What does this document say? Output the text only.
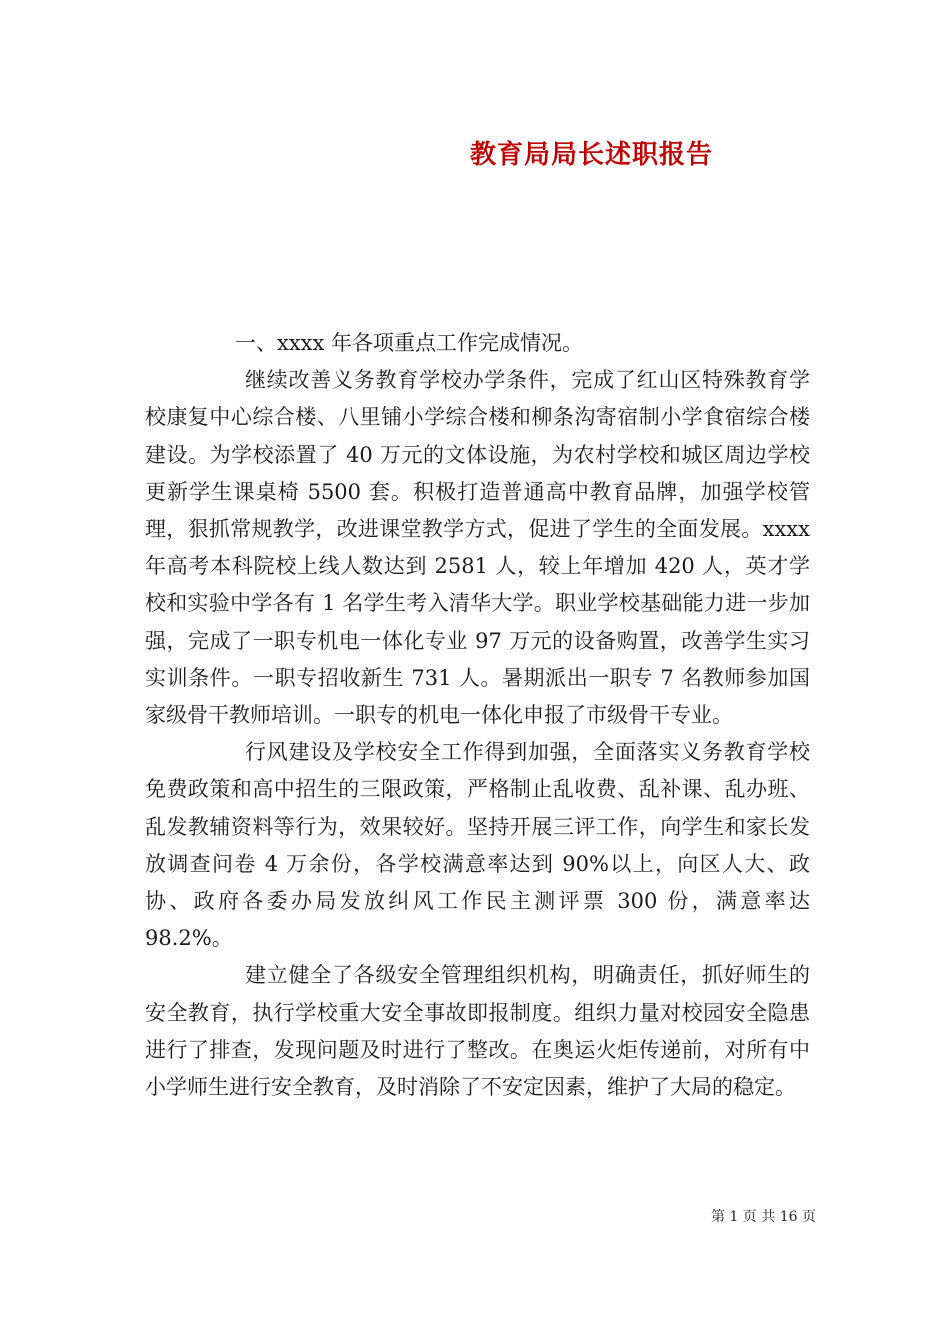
教育局局长述职报告

一、xxxx 年各项重点工作完成情况。

继续改善义务教育学校办学条件，完成了红山区特殊教育学校康复中心综合楼、八里铺小学综合楼和柳条沟寄宿制小学食宿综合楼建设。为学校添置了 40 万元的文体设施，为农村学校和城区周边学校更新学生课桌椅 5500 套。积极打造普通高中教育品牌，加强学校管理，狠抓常规教学，改进课堂教学方式，促进了学生的全面发展。xxxx 年高考本科院校上线人数达到 2581 人，较上年增加 420 人，英才学校和实验中学各有 1 名学生考入清华大学。职业学校基础能力进一步加强，完成了一职专机电一体化专业 97 万元的设备购置，改善学生实习实训条件。一职专招收新生 731 人。暑期派出一职专 7 名教师参加国家级骨干教师培训。一职专的机电一体化申报了市级骨干专业。

行风建设及学校安全工作得到加强，全面落实义务教育学校免费政策和高中招生的三限政策，严格制止乱收费、乱补课、乱办班、乱发教辅资料等行为，效果较好。坚持开展三评工作，向学生和家长发放调查问卷 4 万余份，各学校满意率达到 90%以上，向区人大、政协、政府各委办局发放纠风工作民主测评票 300 份，满意率达 98.2%。

建立健全了各级安全管理组织机构，明确责任，抓好师生的安全教育，执行学校重大安全事故即报制度。组织力量对校园安全隐患进行了排查，发现问题及时进行了整改。在奥运火炬传递前，对所有中小学师生进行安全教育，及时消除了不安定因素，维护了大局的稳定。

第 1 页 共 16 页
